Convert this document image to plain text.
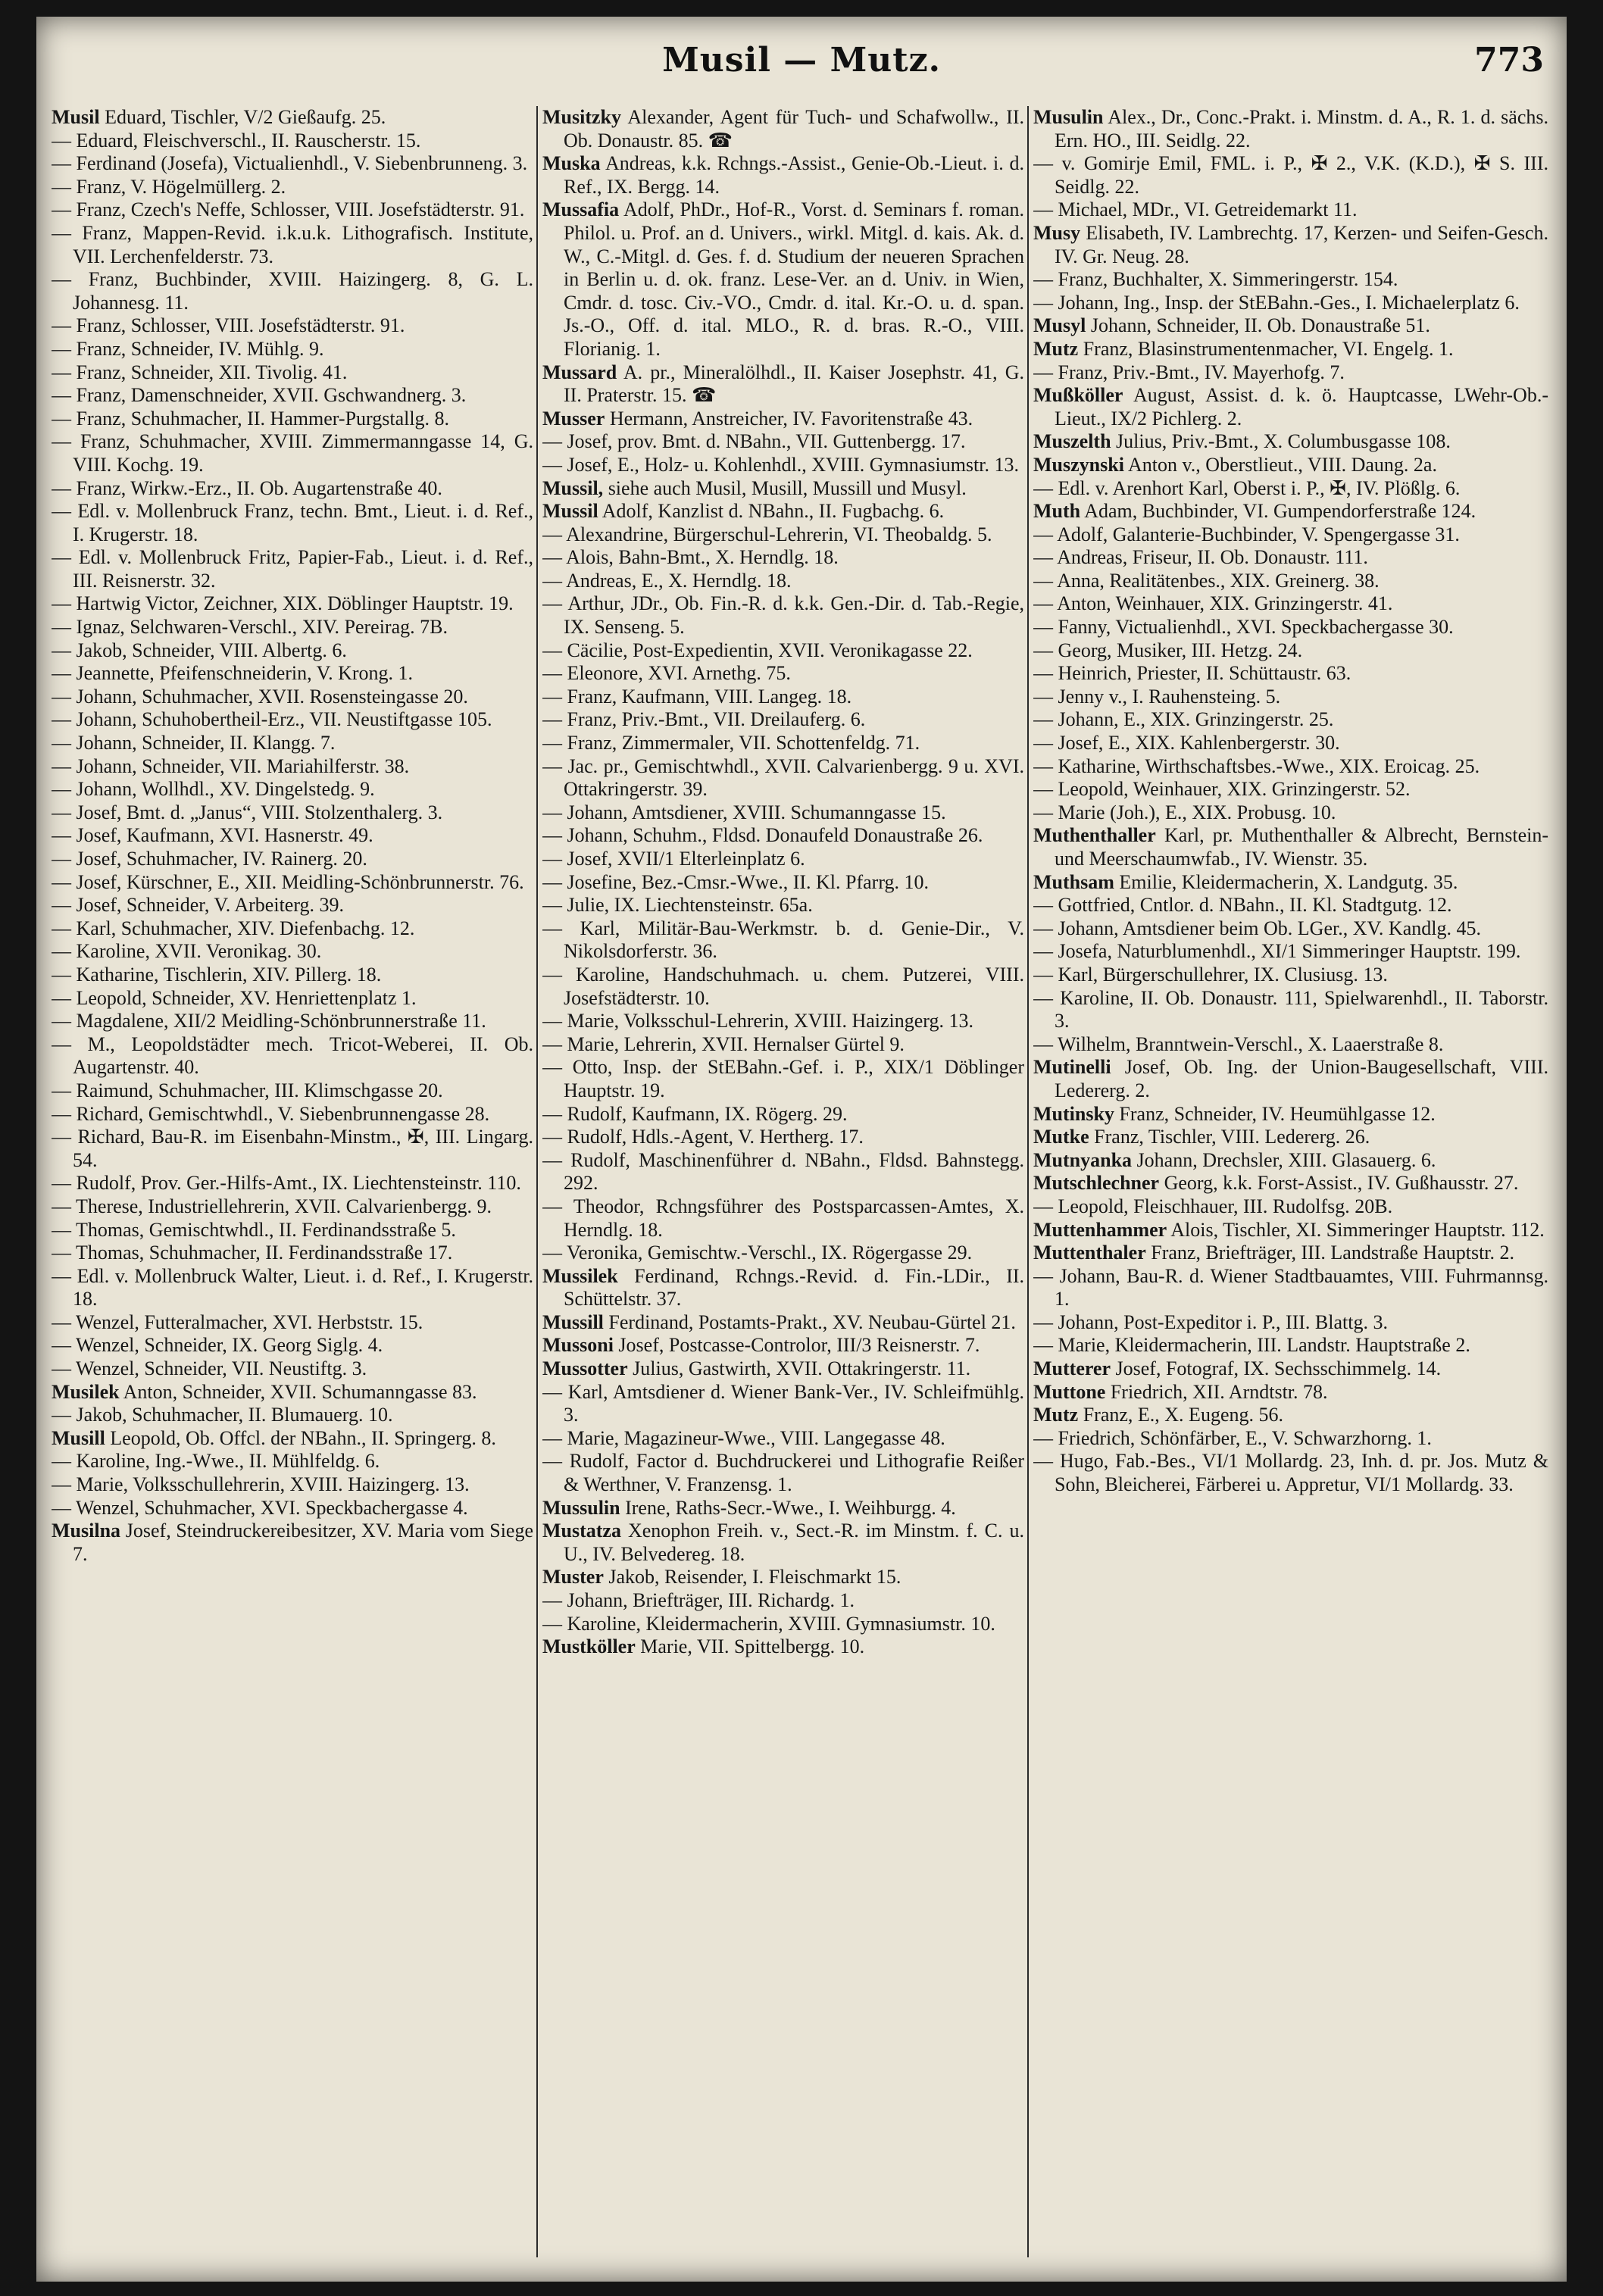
Musil — Mutz.	773

Musil Eduard, Tischler, V/2 Gießaufg. 25.

— Eduard, Fleischverschl., II. Rauscherstr. 15.

— Ferdinand (Josefa), Victualienhdl., V. Siebenbrunneng. 3.

— Franz, V. Högelmüllerg. 2.

— Franz, Czech's Neffe, Schlosser, VIII. Josefstädterstr. 91.

— Franz, Mappen-Revid. i.k.u.k. Lithografisch. Institute, VII. Lerchenfelderstr. 73.

— Franz, Buchbinder, XVIII. Haizingerg. 8, G. L. Johannesg. 11.

— Franz, Schlosser, VIII. Josefstädterstr. 91.

— Franz, Schneider, IV. Mühlg. 9.

— Franz, Schneider, XII. Tivolig. 41.

— Franz, Damenschneider, XVII. Gschwandnerg. 3.

— Franz, Schuhmacher, II. Hammer-Purgstallg. 8.

— Franz, Schuhmacher, XVIII. Zimmermanngasse 14, G. VIII. Kochg. 19.

— Franz, Wirkw.-Erz., II. Ob. Augartenstraße 40.

— Edl. v. Mollenbruck Franz, techn. Bmt., Lieut. i. d. Ref., I. Krugerstr. 18.

— Edl. v. Mollenbruck Fritz, Papier-Fab., Lieut. i. d. Ref., III. Reisnerstr. 32.

— Hartwig Victor, Zeichner, XIX. Döblinger Hauptstr. 19.

— Ignaz, Selchwaren-Verschl., XIV. Pereirag. 7B.

— Jakob, Schneider, VIII. Albertg. 6.

— Jeannette, Pfeifenschneiderin, V. Krong. 1.

— Johann, Schuhmacher, XVII. Rosensteingasse 20.

— Johann, Schuhobertheil-Erz., VII. Neustiftgasse 105.

— Johann, Schneider, II. Klangg. 7.

— Johann, Schneider, VII. Mariahilferstr. 38.

— Johann, Wollhdl., XV. Dingelstedg. 9.

— Josef, Bmt. d. „Janus“, VIII. Stolzenthalerg. 3.

— Josef, Kaufmann, XVI. Hasnerstr. 49.

— Josef, Schuhmacher, IV. Rainerg. 20.

— Josef, Kürschner, E., XII. Meidling-Schönbrunnerstr. 76.

— Josef, Schneider, V. Arbeiterg. 39.

— Karl, Schuhmacher, XIV. Diefenbachg. 12.

— Karoline, XVII. Veronikag. 30.

— Katharine, Tischlerin, XIV. Pillerg. 18.

— Leopold, Schneider, XV. Henriettenplatz 1.

— Magdalene, XII/2 Meidling-Schönbrunnerstraße 11.

— M., Leopoldstädter mech. Tricot-Weberei, II. Ob. Augartenstr. 40.

— Raimund, Schuhmacher, III. Klimschgasse 20.

— Richard, Gemischtwhdl., V. Siebenbrunnengasse 28.

— Richard, Bau-R. im Eisenbahn-Minstm., ✠, III. Lingarg. 54.

— Rudolf, Prov. Ger.-Hilfs-Amt., IX. Liechtensteinstr. 110.

— Therese, Industriellehrerin, XVII. Calvarienbergg. 9.

— Thomas, Gemischtwhdl., II. Ferdinandsstraße 5.

— Thomas, Schuhmacher, II. Ferdinandsstraße 17.

— Edl. v. Mollenbruck Walter, Lieut. i. d. Ref., I. Krugerstr. 18.

— Wenzel, Futteralmacher, XVI. Herbststr. 15.

— Wenzel, Schneider, IX. Georg Siglg. 4.

— Wenzel, Schneider, VII. Neustiftg. 3.

Musilek Anton, Schneider, XVII. Schumanngasse 83.

— Jakob, Schuhmacher, II. Blumauerg. 10.

Musill Leopold, Ob. Offcl. der NBahn., II. Springerg. 8.

— Karoline, Ing.-Wwe., II. Mühlfeldg. 6.

— Marie, Volksschullehrerin, XVIII. Haizingerg. 13.

— Wenzel, Schuhmacher, XVI. Speckbachergasse 4.

Musilna Josef, Steindruckereibesitzer, XV. Maria vom Siege 7.

Musitzky Alexander, Agent für Tuch- und Schafwollw., II. Ob. Donaustr. 85. ☎

Muska Andreas, k.k. Rchngs.-Assist., Genie-Ob.-Lieut. i. d. Ref., IX. Bergg. 14.

Mussafia Adolf, PhDr., Hof-R., Vorst. d. Seminars f. roman. Philol. u. Prof. an d. Univers., wirkl. Mitgl. d. kais. Ak. d. W., C.-Mitgl. d. Ges. f. d. Studium der neueren Sprachen in Berlin u. d. ok. franz. Lese-Ver. an d. Univ. in Wien, Cmdr. d. tosc. Civ.-VO., Cmdr. d. ital. Kr.-O. u. d. span. Js.-O., Off. d. ital. MLO., R. d. bras. R.-O., VIII. Florianig. 1.

Mussard A. pr., Mineralölhdl., II. Kaiser Josephstr. 41, G. II. Praterstr. 15. ☎

Musser Hermann, Anstreicher, IV. Favoritenstraße 43.

— Josef, prov. Bmt. d. NBahn., VII. Guttenbergg. 17.

— Josef, E., Holz- u. Kohlenhdl., XVIII. Gymnasiumstr. 13.

Mussil, siehe auch Musil, Musill, Mussill und Musyl.

Mussil Adolf, Kanzlist d. NBahn., II. Fugbachg. 6.

— Alexandrine, Bürgerschul-Lehrerin, VI. Theobaldg. 5.

— Alois, Bahn-Bmt., X. Herndlg. 18.

— Andreas, E., X. Herndlg. 18.

— Arthur, JDr., Ob. Fin.-R. d. k.k. Gen.-Dir. d. Tab.-Regie, IX. Senseng. 5.

— Cäcilie, Post-Expedientin, XVII. Veronikagasse 22.

— Eleonore, XVI. Arnethg. 75.

— Franz, Kaufmann, VIII. Langeg. 18.

— Franz, Priv.-Bmt., VII. Dreilauferg. 6.

— Franz, Zimmermaler, VII. Schottenfeldg. 71.

— Jac. pr., Gemischtwhdl., XVII. Calvarienbergg. 9 u. XVI. Ottakringerstr. 39.

— Johann, Amtsdiener, XVIII. Schumanngasse 15.

— Johann, Schuhm., Fldsd. Donaufeld Donaustraße 26.

— Josef, XVII/1 Elterleinplatz 6.

— Josefine, Bez.-Cmsr.-Wwe., II. Kl. Pfarrg. 10.

— Julie, IX. Liechtensteinstr. 65a.

— Karl, Militär-Bau-Werkmstr. b. d. Genie-Dir., V. Nikolsdorferstr. 36.

— Karoline, Handschuhmach. u. chem. Putzerei, VIII. Josefstädterstr. 10.

— Marie, Volksschul-Lehrerin, XVIII. Haizingerg. 13.

— Marie, Lehrerin, XVII. Hernalser Gürtel 9.

— Otto, Insp. der StEBahn.-Gef. i. P., XIX/1 Döblinger Hauptstr. 19.

— Rudolf, Kaufmann, IX. Rögerg. 29.

— Rudolf, Hdls.-Agent, V. Hertherg. 17.

— Rudolf, Maschinenführer d. NBahn., Fldsd. Bahnstegg. 292.

— Theodor, Rchngsführer des Postsparcassen-Amtes, X. Herndlg. 18.

— Veronika, Gemischtw.-Verschl., IX. Rögergasse 29.

Mussilek Ferdinand, Rchngs.-Revid. d. Fin.-LDir., II. Schüttelstr. 37.

Mussill Ferdinand, Postamts-Prakt., XV. Neubau-Gürtel 21.

Mussoni Josef, Postcasse-Controlor, III/3 Reisnerstr. 7.

Mussotter Julius, Gastwirth, XVII. Ottakringerstr. 11.

— Karl, Amtsdiener d. Wiener Bank-Ver., IV. Schleifmühlg. 3.

— Marie, Magazineur-Wwe., VIII. Langegasse 48.

— Rudolf, Factor d. Buchdruckerei und Lithografie Reißer & Werthner, V. Franzensg. 1.

Mussulin Irene, Raths-Secr.-Wwe., I. Weihburgg. 4.

Mustatza Xenophon Freih. v., Sect.-R. im Minstm. f. C. u. U., IV. Belvedereg. 18.

Muster Jakob, Reisender, I. Fleischmarkt 15.

— Johann, Briefträger, III. Richardg. 1.

— Karoline, Kleidermacherin, XVIII. Gymnasiumstr. 10.

Mustköller Marie, VII. Spittelbergg. 10.

Musulin Alex., Dr., Conc.-Prakt. i. Minstm. d. A., R. 1. d. sächs. Ern. HO., III. Seidlg. 22.

— v. Gomirje Emil, FML. i. P., ✠ 2., V.K. (K.D.), ✠ S. III. Seidlg. 22.

— Michael, MDr., VI. Getreidemarkt 11.

Musy Elisabeth, IV. Lambrechtg. 17, Kerzen- und Seifen-Gesch. IV. Gr. Neug. 28.

— Franz, Buchhalter, X. Simmeringerstr. 154.

— Johann, Ing., Insp. der StEBahn.-Ges., I. Michaelerplatz 6.

Musyl Johann, Schneider, II. Ob. Donaustraße 51.

Mutz Franz, Blasinstrumentenmacher, VI. Engelg. 1.

— Franz, Priv.-Bmt., IV. Mayerhofg. 7.

Mußköller August, Assist. d. k. ö. Hauptcasse, LWehr-Ob.-Lieut., IX/2 Pichlerg. 2.

Muszelth Julius, Priv.-Bmt., X. Columbusgasse 108.

Muszynski Anton v., Oberstlieut., VIII. Daung. 2a.

— Edl. v. Arenhort Karl, Oberst i. P., ✠, IV. Plößlg. 6.

Muth Adam, Buchbinder, VI. Gumpendorferstraße 124.

— Adolf, Galanterie-Buchbinder, V. Spengergasse 31.

— Andreas, Friseur, II. Ob. Donaustr. 111.

— Anna, Realitätenbes., XIX. Greinerg. 38.

— Anton, Weinhauer, XIX. Grinzingerstr. 41.

— Fanny, Victualienhdl., XVI. Speckbachergasse 30.

— Georg, Musiker, III. Hetzg. 24.

— Heinrich, Priester, II. Schüttaustr. 63.

— Jenny v., I. Rauhensteing. 5.

— Johann, E., XIX. Grinzingerstr. 25.

— Josef, E., XIX. Kahlenbergerstr. 30.

— Katharine, Wirthschaftsbes.-Wwe., XIX. Eroicag. 25.

— Leopold, Weinhauer, XIX. Grinzingerstr. 52.

— Marie (Joh.), E., XIX. Probusg. 10.

Muthenthaller Karl, pr. Muthenthaller & Albrecht, Bernstein- und Meerschaumwfab., IV. Wienstr. 35.

Muthsam Emilie, Kleidermacherin, X. Landgutg. 35.

— Gottfried, Cntlor. d. NBahn., II. Kl. Stadtgutg. 12.

— Johann, Amtsdiener beim Ob. LGer., XV. Kandlg. 45.

— Josefa, Naturblumenhdl., XI/1 Simmeringer Hauptstr. 199.

— Karl, Bürgerschullehrer, IX. Clusiusg. 13.

— Karoline, II. Ob. Donaustr. 111, Spielwarenhdl., II. Taborstr. 3.

— Wilhelm, Branntwein-Verschl., X. Laaerstraße 8.

Mutinelli Josef, Ob. Ing. der Union-Baugesellschaft, VIII. Ledererg. 2.

Mutinsky Franz, Schneider, IV. Heumühlgasse 12.

Mutke Franz, Tischler, VIII. Ledererg. 26.

Mutnyanka Johann, Drechsler, XIII. Glasauerg. 6.

Mutschlechner Georg, k.k. Forst-Assist., IV. Gußhausstr. 27.

— Leopold, Fleischhauer, III. Rudolfsg. 20B.

Muttenhammer Alois, Tischler, XI. Simmeringer Hauptstr. 112.

Muttenthaler Franz, Briefträger, III. Landstraße Hauptstr. 2.

— Johann, Bau-R. d. Wiener Stadtbauamtes, VIII. Fuhrmannsg. 1.

— Johann, Post-Expeditor i. P., III. Blattg. 3.

— Marie, Kleidermacherin, III. Landstr. Hauptstraße 2.

Mutterer Josef, Fotograf, IX. Sechsschimmelg. 14.

Muttone Friedrich, XII. Arndtstr. 78.

Mutz Franz, E., X. Eugeng. 56.

— Friedrich, Schönfärber, E., V. Schwarzhorng. 1.

— Hugo, Fab.-Bes., VI/1 Mollardg. 23, Inh. d. pr. Jos. Mutz & Sohn, Bleicherei, Färberei u. Appretur, VI/1 Mollardg. 33.
